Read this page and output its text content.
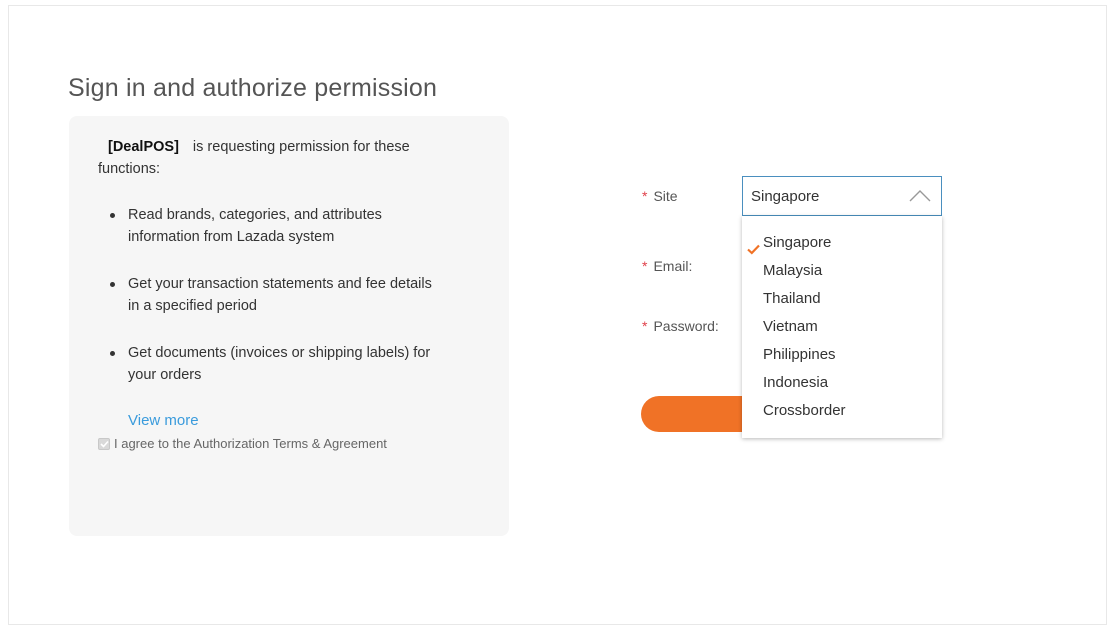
Sign in and authorize permission
[DealPOS] is requesting permission for these functions:
Read brands, categories, and attributes information from Lazada system
Get your transaction statements and fee details in a specified period
Get documents (invoices or shipping labels) for your orders
View more
I agree to the Authorization Terms & Agreement
* Site	Singapore
* Email:
* Password:
Singapore
Malaysia
Thailand
Vietnam
Philippines
Indonesia
Crossborder
